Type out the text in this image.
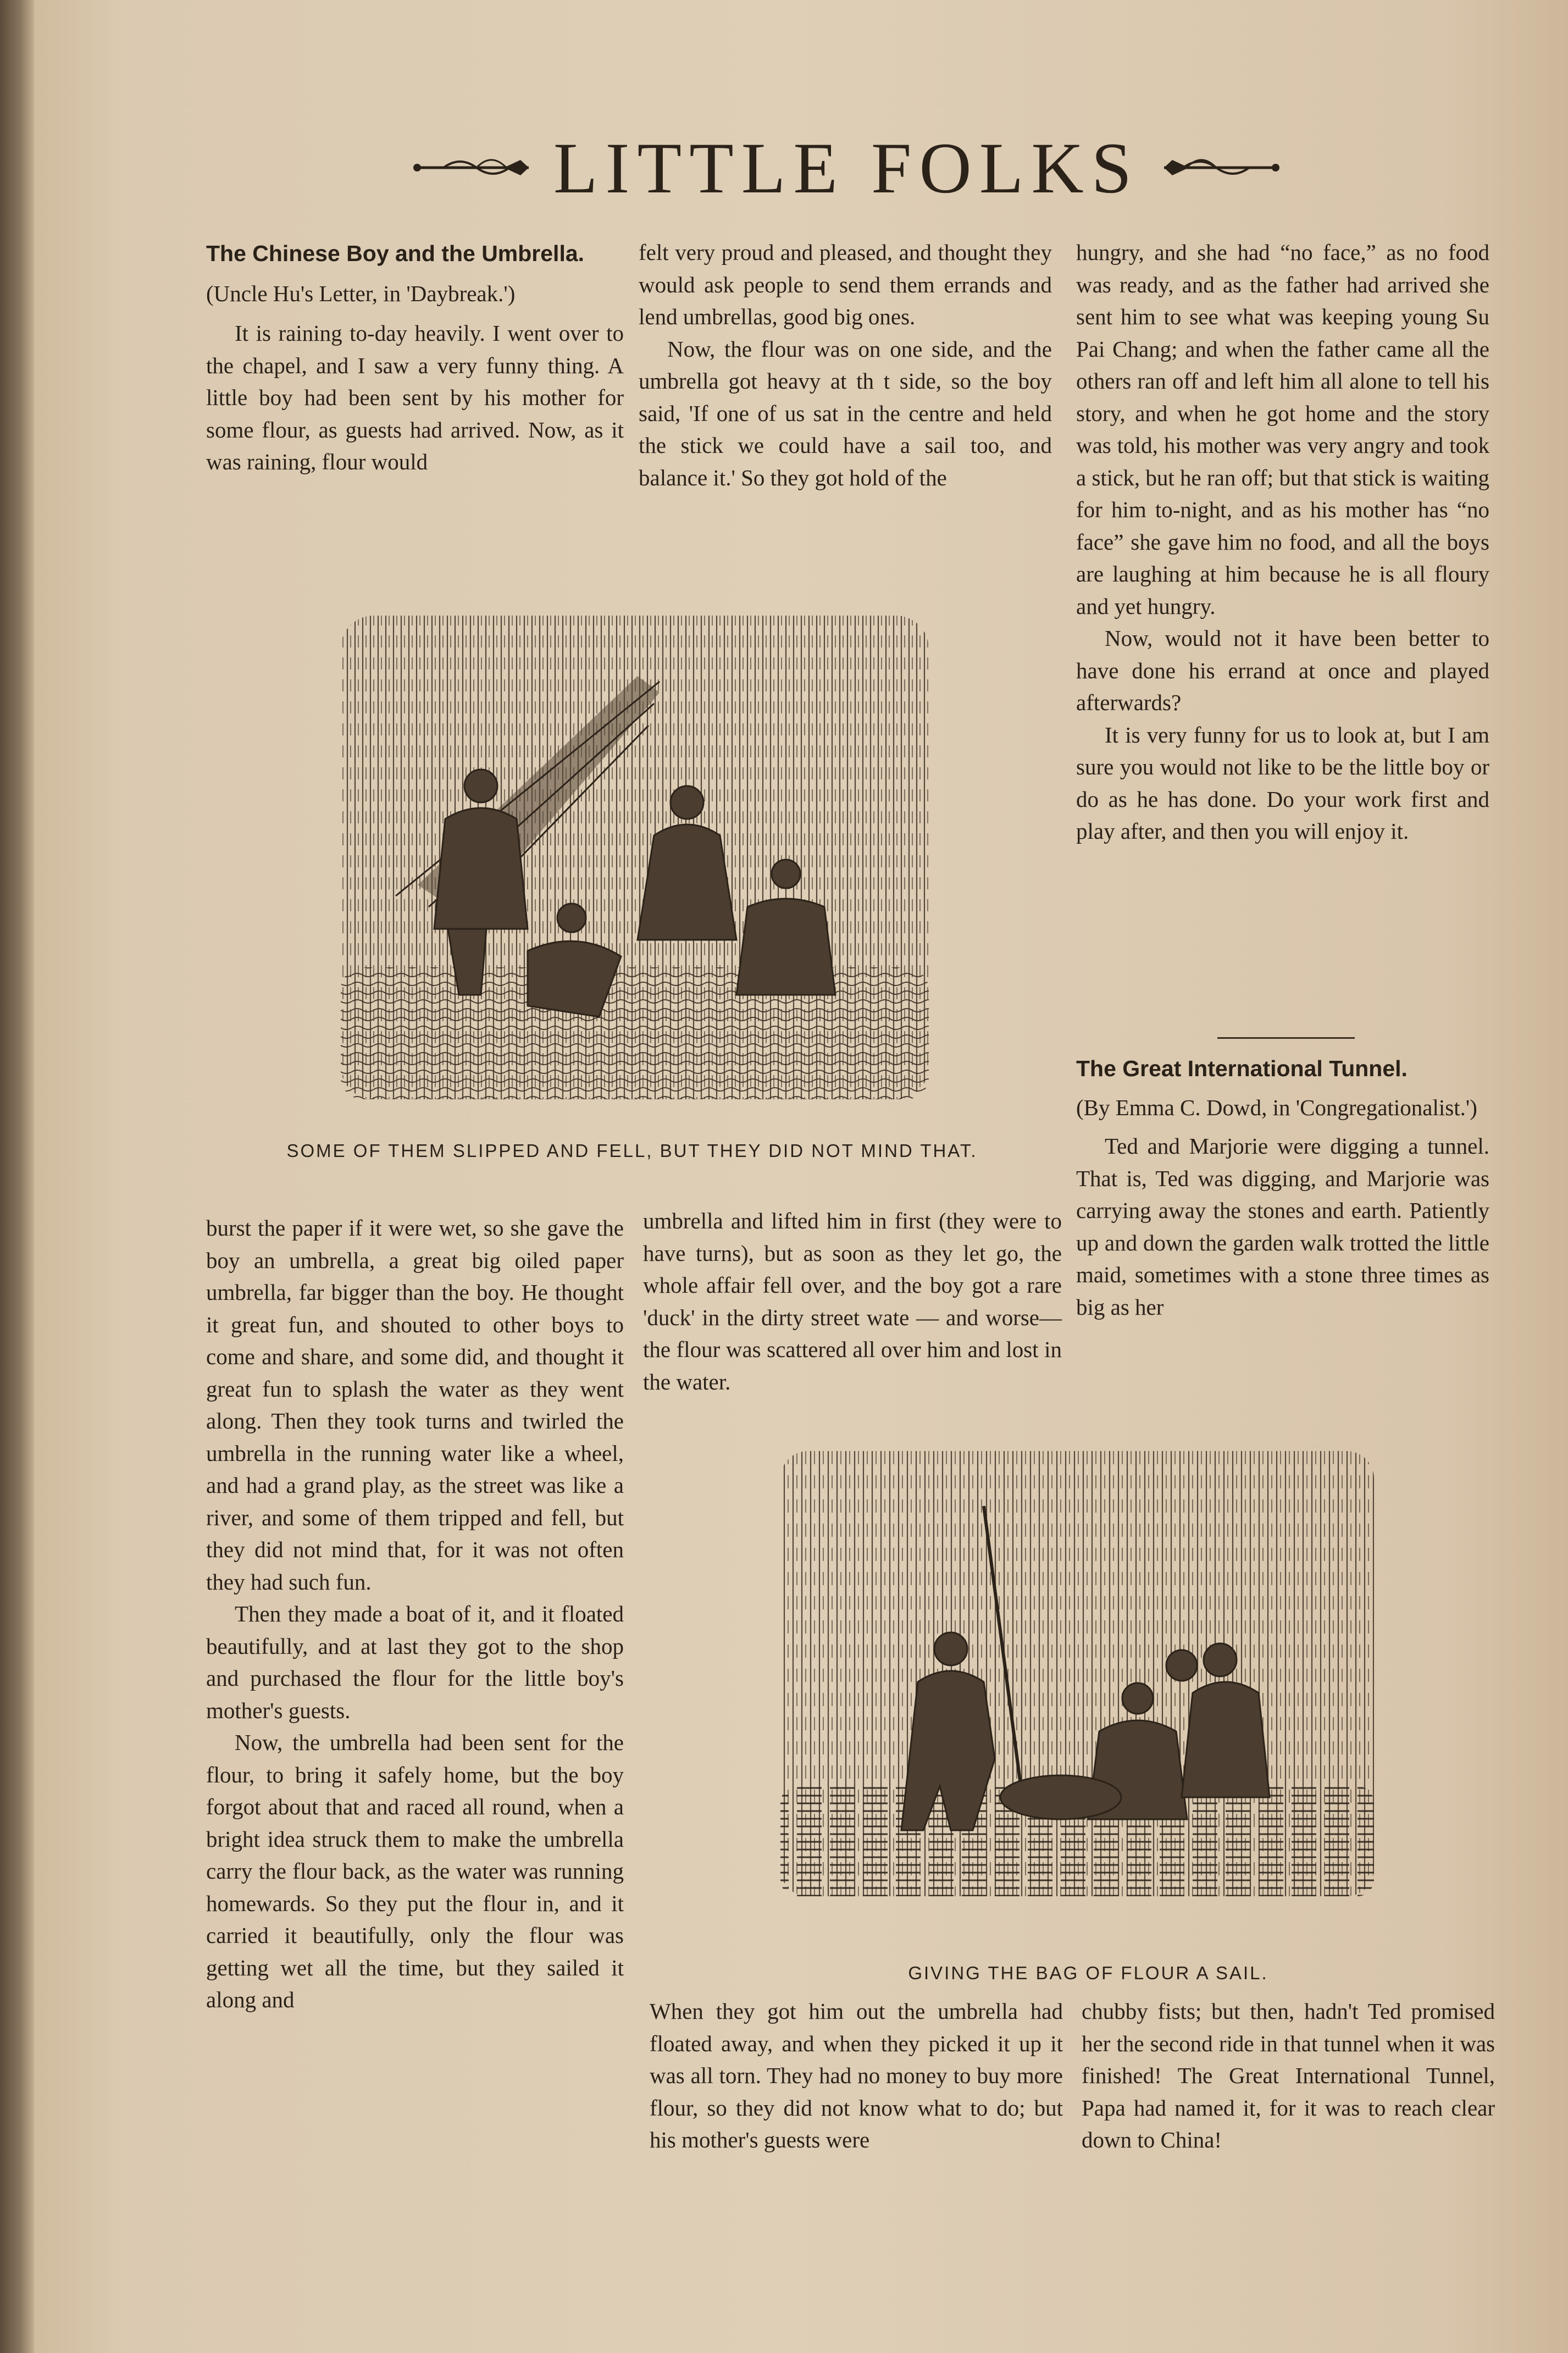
LITTLE FOLKS

The Chinese Boy and the Umbrella.

(Uncle Hu's Letter, in 'Daybreak.')

It is raining to-day heavily. I went over to the chapel, and I saw a very funny thing. A little boy had been sent by his mother for some flour, as guests had arrived. Now, as it was raining, flour would

felt very proud and pleased, and thought they would ask people to send them errands and lend umbrellas, good big ones.

Now, the flour was on one side, and the umbrella got heavy at th t side, so the boy said, 'If one of us sat in the centre and held the stick we could have a sail too, and balance it.' So they got hold of the

hungry, and she had “no face,” as no food was ready, and as the father had arrived she sent him to see what was keeping young Su Pai Chang; and when the father came all the others ran off and left him all alone to tell his story, and when he got home and the story was told, his mother was very angry and took a stick, but he ran off; but that stick is waiting for him to-night, and as his mother has “no face” she gave him no food, and all the boys are laughing at him because he is all floury and yet hungry.

Now, would not it have been better to have done his errand at once and played afterwards?

It is very funny for us to look at, but I am sure you would not like to be the little boy or do as he has done. Do your work first and play after, and then you will enjoy it.

SOME OF THEM SLIPPED AND FELL, BUT THEY DID NOT MIND THAT.

The Great International Tunnel.

(By Emma C. Dowd, in 'Congregationalist.')

Ted and Marjorie were digging a tunnel. That is, Ted was digging, and Marjorie was carrying away the stones and earth. Patiently up and down the garden walk trotted the little maid, sometimes with a stone three times as big as her

burst the paper if it were wet, so she gave the boy an umbrella, a great big oiled paper umbrella, far bigger than the boy. He thought it great fun, and shouted to other boys to come and share, and some did, and thought it great fun to splash the water as they went along. Then they took turns and twirled the umbrella in the running water like a wheel, and had a grand play, as the street was like a river, and some of them tripped and fell, but they did not mind that, for it was not often they had such fun.

Then they made a boat of it, and it floated beautifully, and at last they got to the shop and purchased the flour for the little boy's mother's guests.

Now, the umbrella had been sent for the flour, to bring it safely home, but the boy forgot about that and raced all round, when a bright idea struck them to make the umbrella carry the flour back, as the water was running homewards. So they put the flour in, and it carried it beautifully, only the flour was getting wet all the time, but they sailed it along and

umbrella and lifted him in first (they were to have turns), but as soon as they let go, the whole affair fell over, and the boy got a rare 'duck' in the dirty street wate — and worse—the flour was scattered all over him and lost in the water.

GIVING THE BAG OF FLOUR A SAIL.

When they got him out the umbrella had floated away, and when they picked it up it was all torn. They had no money to buy more flour, so they did not know what to do; but his mother's guests were

chubby fists; but then, hadn't Ted promised her the second ride in that tunnel when it was finished! The Great International Tunnel, Papa had named it, for it was to reach clear down to China!
